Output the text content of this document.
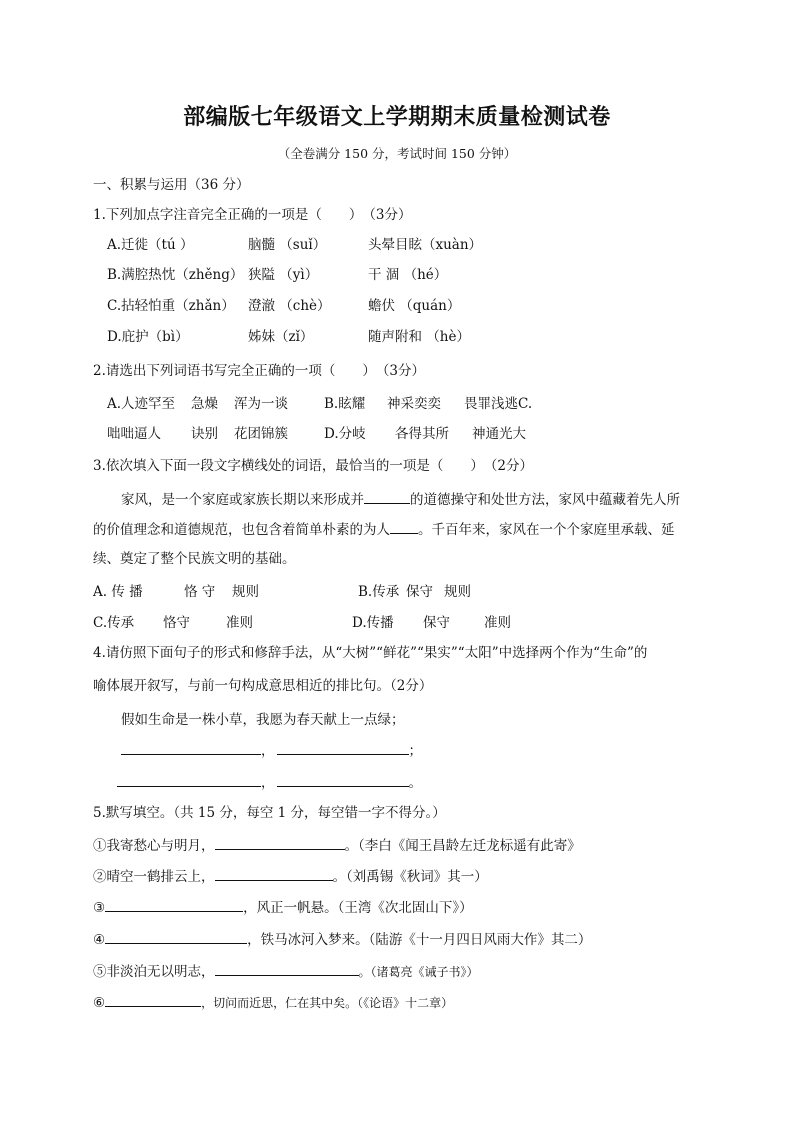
部编版七年级语文上学期期末质量检测试卷
（全卷满分 150 分，考试时间 150 分钟）
一、积累与运用（36 分）
1.下列加点字注音完全正确的一项是（　　）　（3分）
A.迁徙（tú ）	脑髓 （suǐ）	头晕目眩（xuàn）
B.满腔热忱（zhěng） 狭隘 （yì）	干 涸 （hé）
C.拈轻怕重（zhǎn） 澄澈 （chè）	蟾伏 （quán）
D.庇护（bì）	姊妹（zǐ）	随声附和 （hè）
2.请选出下列词语书写完全正确的一项（　　）　（3分）
A.人迹罕至 急燥 浑为一谈	B.眩耀 神采奕奕 畏罪浅逃C.
咄咄逼人 诀别 花团锦簇	D.分岐 各得其所 神通光大
3.依次填入下面一段文字横线处的词语，最恰当的一项是（　　）　（2分）
家风，是一个家庭或家族长期以来形成并	的道德操守和处世方法，家风中蕴藏着先人所
的价值理念和道德规范，也包含着简单朴素的为人 。千百年来，家风在一个个家庭里承载、延
续、奠定了整个民族文明的基础。
A. 传 播	恪 守 规则	B.传承 保守 规则
C.传承 恪守	准则	D.传播 保守	准则
4.请仿照下面句子的形式和修辞手法，从“大树”“鲜花”“果实”“太阳”中选择两个作为“生命”的
喻体展开叙写，与前一句构成意思相近的排比句。（2分）
假如生命是一株小草，我愿为春天献上一点绿；
，	；
，	。
5.默写填空。（共 15 分，每空 1 分，每空错一字不得分。）
①我寄愁心与明月，	。（李白《闻王昌龄左迁龙标遥有此寄》
②晴空一鹤排云上，	。（刘禹锡《秋词》其一）
③	，风正一帆悬。（王湾《次北固山下》）
④	，铁马冰河入梦来。（陆游《十一月四日风雨大作》其二）
⑤非淡泊无以明志，	。（诸葛亮《诫子书》）
⑥	，切问而近思，仁在其中矣。（《论语》十二章）
